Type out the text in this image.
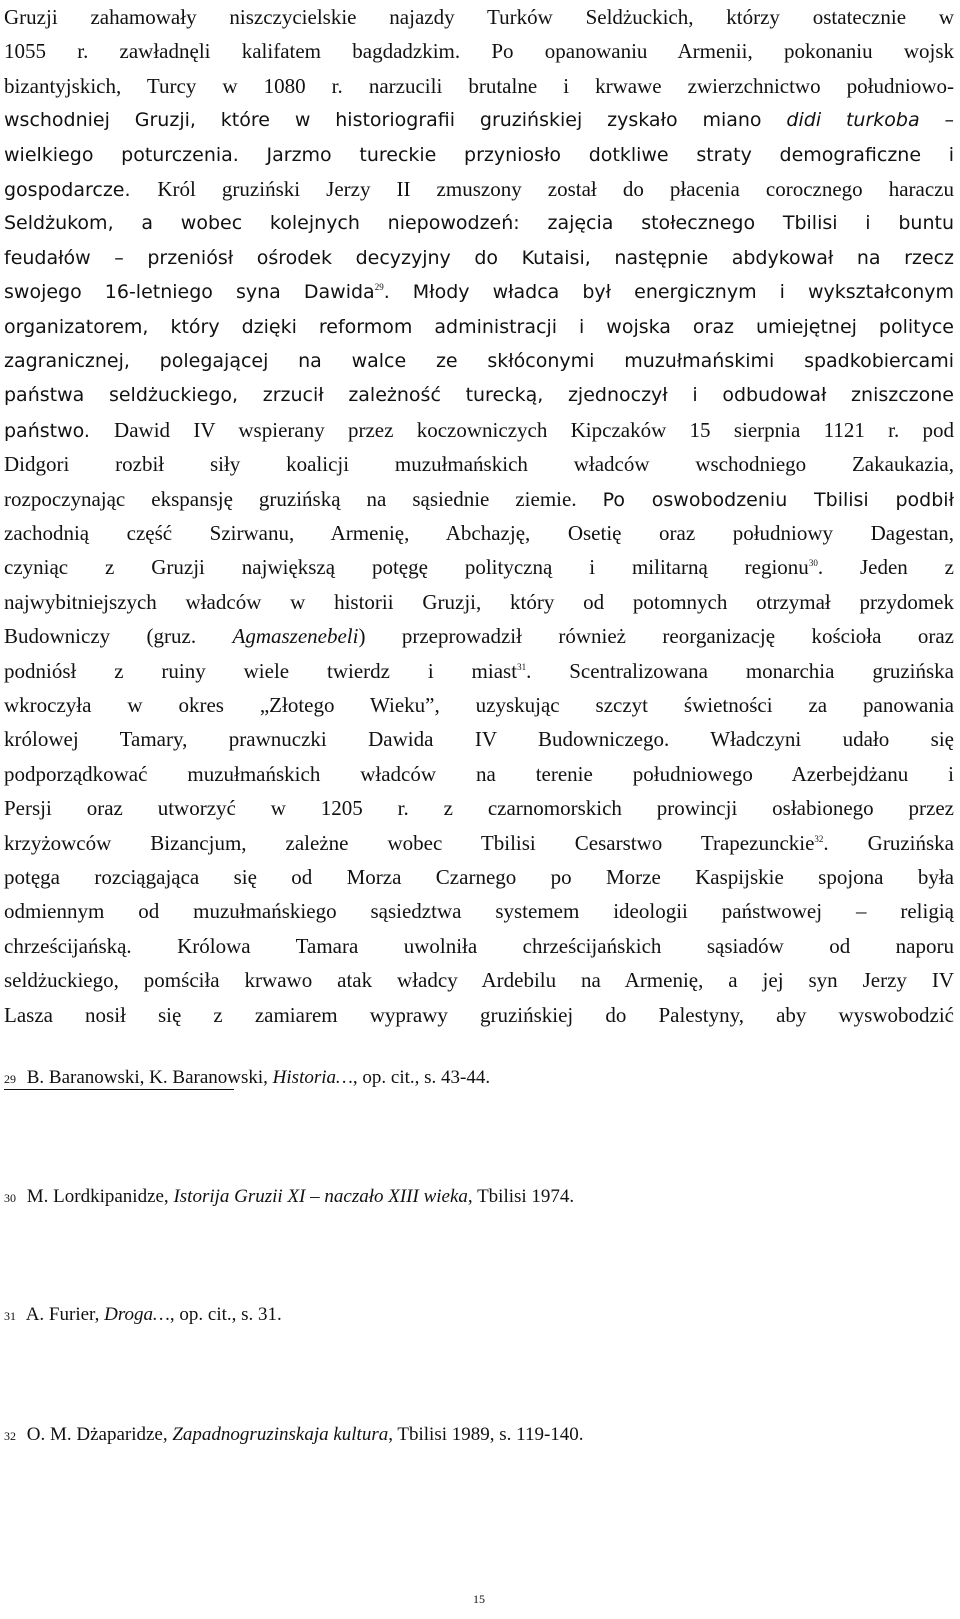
Gruzji zahamowały niszczycielskie najazdy Turków Seldżuckich, którzy ostatecznie w
1055 r. zawładnęli kalifatem bagdadzkim. Po opanowaniu Armenii, pokonaniu wojsk
bizantyjskich, Turcy w 1080 r. narzucili brutalne i krwawe zwierzchnictwo południowo-
wschodniej Gruzji, które w historiografii gruzińskiej zyskało miano didi turkoba –
wielkiego poturczenia. Jarzmo tureckie przyniosło dotkliwe straty demograficzne i
gospodarcze. Król gruziński Jerzy II zmuszony został do płacenia corocznego haraczu
Seldżukom, a wobec kolejnych niepowodzeń: zajęcia stołecznego Tbilisi i buntu
feudałów – przeniósł ośrodek decyzyjny do Kutaisi, następnie abdykował na rzecz
swojego 16-letniego syna Dawida$^{29}$. Młody władca był energicznym i wykształconym
organizatorem, który dzięki reformom administracji i wojska oraz umiejętnej polityce
zagranicznej, polegającej na walce ze skłóconymi muzułmańskimi spadkobiercami
państwa seldżuckiego, zrzucił zależność turecką, zjednoczył i odbudował zniszczone
państwo. Dawid IV wspierany przez koczowniczych Kipczaków 15 sierpnia 1121 r. pod
Didgori rozbił siły koalicji muzułmańskich władców wschodniego Zakaukazia,
rozpoczynając ekspansję gruzińską na sąsiednie ziemie. Po oswobodzeniu Tbilisi podbił
zachodnią część Szirwanu, Armenię, Abchazję, Osetię oraz południowy Dagestan,
czyniąc z Gruzji największą potęgę polityczną i militarną regionu$^{30}$. Jeden z
najwybitniejszych władców w historii Gruzji, który od potomnych otrzymał przydomek
Budowniczy (gruz. Agmaszenebeli) przeprowadził również reorganizację kościoła oraz
podniósł z ruiny wiele twierdz i miast$^{31}$. Scentralizowana monarchia gruzińska
wkroczyła w okres „Złotego Wieku”, uzyskując szczyt świetności za panowania
królowej Tamary, prawnuczki Dawida IV Budowniczego. Władczyni udało się
podporządkować muzułmańskich władców na terenie południowego Azerbejdżanu i
Persji oraz utworzyć w 1205 r. z czarnomorskich prowincji osłabionego przez
krzyżowców Bizancjum, zależne wobec Tbilisi Cesarstwo Trapezunckie$^{32}$. Gruzińska
potęga rozciągająca się od Morza Czarnego po Morze Kaspijskie spojona była
odmiennym od muzułmańskiego sąsiedztwa systemem ideologii państwowej – religią
chrześcijańską. Królowa Tamara uwolniła chrześcijańskich sąsiadów od naporu
seldżuckiego, pomściła krwawo atak władcy Ardebilu na Armenię, a jej syn Jerzy IV
Lasza nosił się z zamiarem wyprawy gruzińskiej do Palestyny, aby wyswobodzić
29 B. Baranowski, K. Baranowski, Historia…, op. cit., s. 43-44.
30 M. Lordkipanidze, Istorija Gruzii XI – naczało XIII wieka, Tbilisi 1974.
31 A. Furier, Droga…, op. cit., s. 31.
32 O. M. Dżaparidze, Zapadnogruzinskaja kultura, Tbilisi 1989, s. 119-140.
15
